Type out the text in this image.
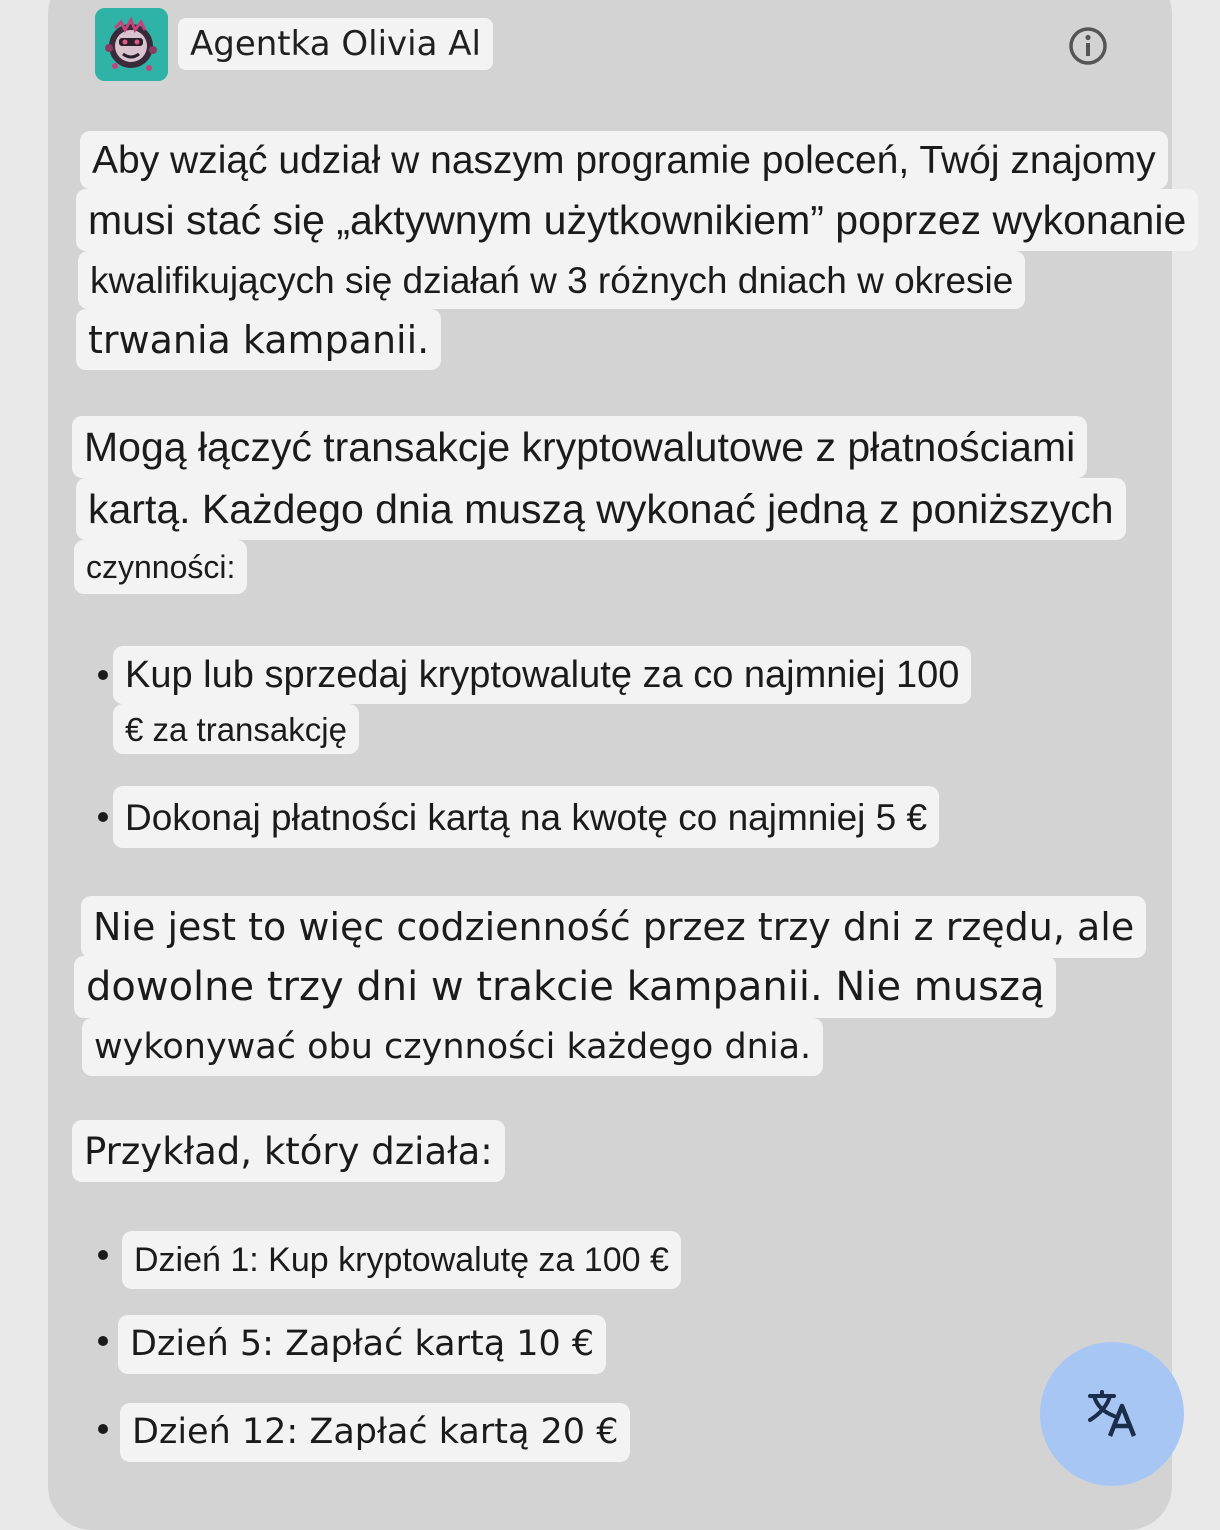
Agentka Olivia Al
Aby wziąć udział w naszym programie poleceń, Twój znajomy
musi stać się „aktywnym użytkownikiem” poprzez wykonanie
kwalifikujących się działań w 3 różnych dniach w okresie
trwania kampanii.
Mogą łączyć transakcje kryptowalutowe z płatnościami
kartą. Każdego dnia muszą wykonać jedną z poniższych
czynności:
Kup lub sprzedaj kryptowalutę za co najmniej 100
€ za transakcję
Dokonaj płatności kartą na kwotę co najmniej 5 €
Nie jest to więc codzienność przez trzy dni z rzędu, ale
dowolne trzy dni w trakcie kampanii. Nie muszą
wykonywać obu czynności każdego dnia.
Przykład, który działa:
Dzień 1: Kup kryptowalutę za 100 €
Dzień 5: Zapłać kartą 10 €
Dzień 12: Zapłać kartą 20 €
